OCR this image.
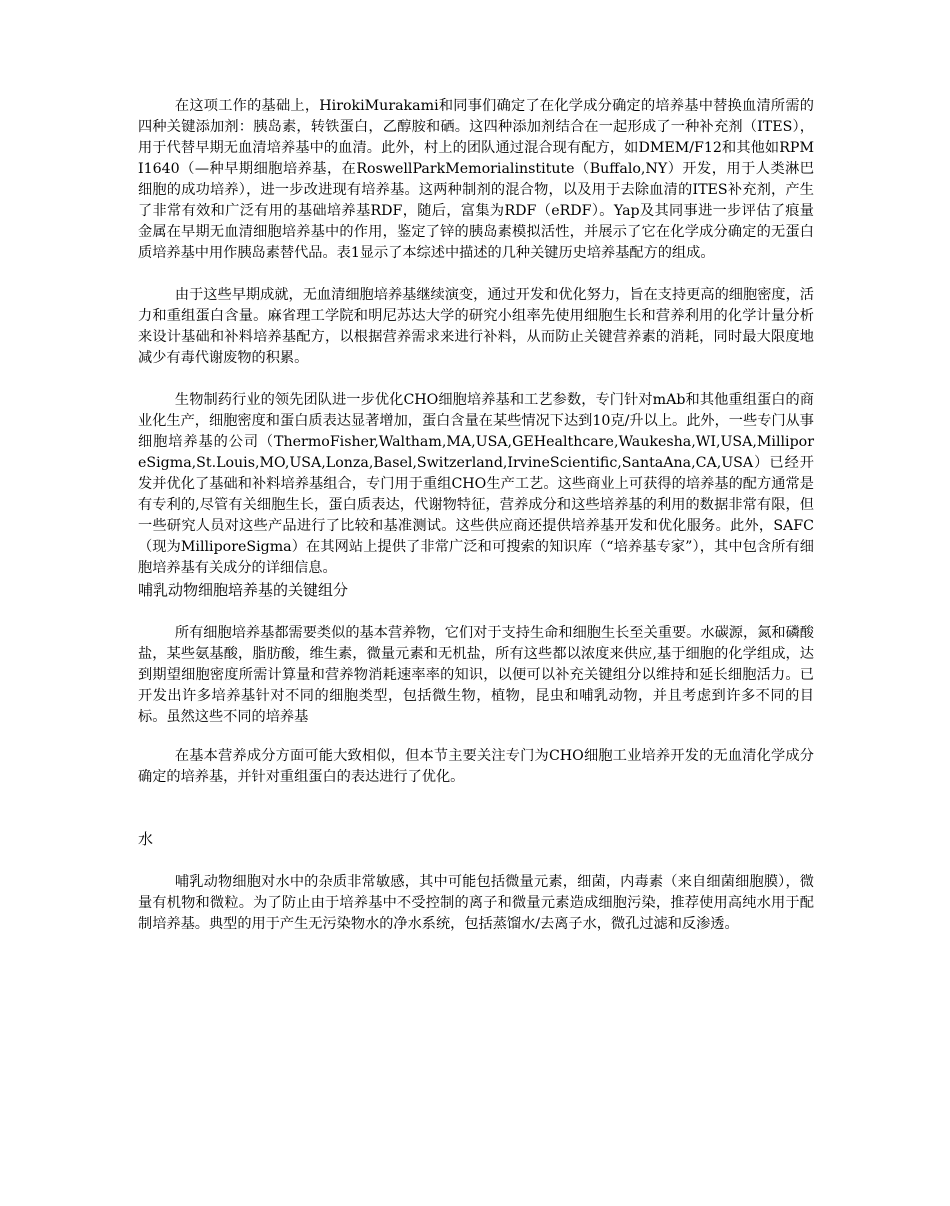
在这项工作的基础上，HirokiMurakami和同事们确定了在化学成分确定的培养基中替换血清所需的四种关键添加剂：胰岛素，转铁蛋白，乙醇胺和硒。这四种添加剂结合在一起形成了一种补充剂（ITES），用于代替早期无血清培养基中的血清。此外，村上的团队通过混合现有配方，如DMEM/F12和其他如RPMI1640（—种早期细胞培养基，在RoswellParkMemorialinstitute（Buffalo,NY）开发，用于人类淋巴细胞的成功培养），进一步改进现有培养基。这两种制剂的混合物，以及用于去除血清的ITES补充剂，产生了非常有效和广泛有用的基础培养基RDF，随后，富集为RDF（eRDF）。Yap及其同事进一步评估了痕量金属在早期无血清细胞培养基中的作用，鉴定了锌的胰岛素模拟活性，并展示了它在化学成分确定的无蛋白质培养基中用作胰岛素替代品。表1显示了本综述中描述的几种关键历史培养基配方的组成。

由于这些早期成就，无血清细胞培养基继续演变，通过开发和优化努力，旨在支持更高的细胞密度，活力和重组蛋白含量。麻省理工学院和明尼苏达大学的研究小组率先使用细胞生长和营养利用的化学计量分析来设计基础和补料培养基配方，以根据营养需求来进行补料，从而防止关键营养素的消耗，同时最大限度地减少有毒代谢废物的积累。

生物制药行业的领先团队进一步优化CHO细胞培养基和工艺参数，专门针对mAb和其他重组蛋白的商业化生产，细胞密度和蛋白质表达显著增加，蛋白含量在某些情况下达到10克/升以上。此外，一些专门从事细胞培养基的公司（ThermoFisher,Waltham,MA,USA,GEHealthcare,Waukesha,WI,USA,MilliporeSigma,St.Louis,MO,USA,Lonza,Basel,Switzerland,IrvineScientific,SantaAna,CA,USA）已经开发并优化了基础和补料培养基组合，专门用于重组CHO生产工艺。这些商业上可获得的培养基的配方通常是有专利的,尽管有关细胞生长，蛋白质表达，代谢物特征，营养成分和这些培养基的利用的数据非常有限，但一些研究人员对这些产品进行了比较和基准测试。这些供应商还提供培养基开发和优化服务。此外，SAFC（现为MilliporeSigma）在其网站上提供了非常广泛和可搜索的知识库（“培养基专家”），其中包含所有细胞培养基有关成分的详细信息。

哺乳动物细胞培养基的关键组分

所有细胞培养基都需要类似的基本营养物，它们对于支持生命和细胞生长至关重要。水碳源，氮和磷酸盐，某些氨基酸，脂肪酸，维生素，微量元素和无机盐，所有这些都以浓度来供应,基于细胞的化学组成，达到期望细胞密度所需计算量和营养物消耗速率率的知识，以便可以补充关键组分以维持和延长细胞活力。已开发出许多培养基针对不同的细胞类型，包括微生物，植物，昆虫和哺乳动物，并且考虑到许多不同的目标。虽然这些不同的培养基

在基本营养成分方面可能大致相似，但本节主要关注专门为CHO细胞工业培养开发的无血清化学成分确定的培养基，并针对重组蛋白的表达进行了优化。

水

哺乳动物细胞对水中的杂质非常敏感，其中可能包括微量元素，细菌，内毒素（来自细菌细胞膜），微量有机物和微粒。为了防止由于培养基中不受控制的离子和微量元素造成细胞污染，推荐使用高纯水用于配制培养基。典型的用于产生无污染物水的净水系统，包括蒸馏水/去离子水，微孔过滤和反渗透。
